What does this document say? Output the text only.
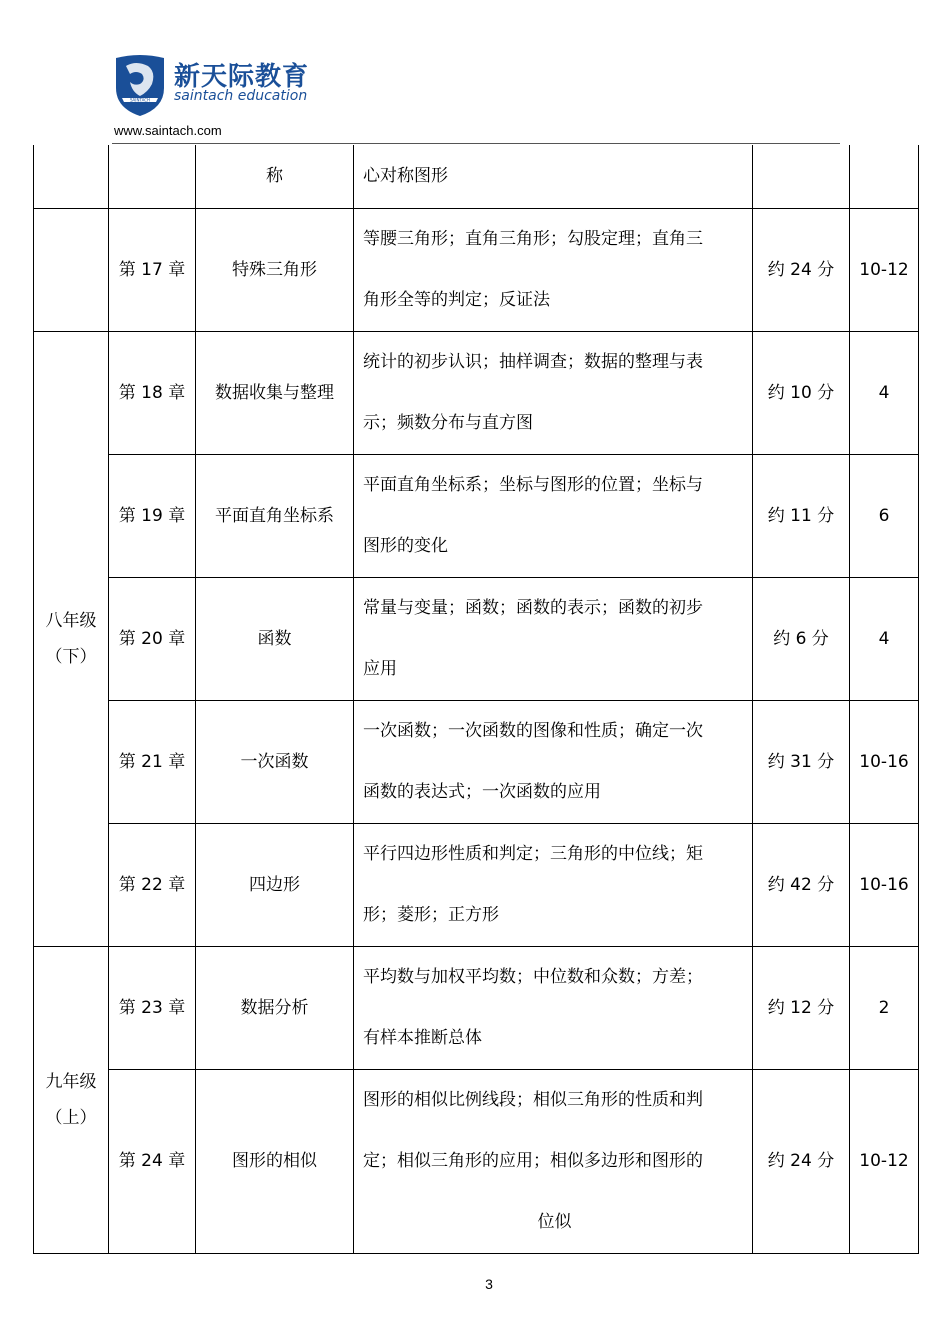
SAINTACH
新天际教育
saintach education
www.saintach.com
		称	心对称图形		

	第 17 章	特殊三角形	等腰三角形；直角三角形；勾股定理；直角三
角形全等的判定；反证法	约 24 分	10-12

八年级
（下）	第 18 章	数据收集与整理	统计的初步认识；抽样调查；数据的整理与表
示；频数分布与直方图	约 10 分	4
	第 19 章	平面直角坐标系	平面直角坐标系；坐标与图形的位置；坐标与
图形的变化	约 11 分	6
	第 20 章	函数	常量与变量；函数；函数的表示；函数的初步
应用	约 6 分	4
	第 21 章	一次函数	一次函数；一次函数的图像和性质；确定一次
函数的表达式；一次函数的应用	约 31 分	10-16
	第 22 章	四边形	平行四边形性质和判定；三角形的中位线；矩
形；菱形；正方形	约 42 分	10-16

九年级
（上）	第 23 章	数据分析	平均数与加权平均数；中位数和众数；方差；
有样本推断总体	约 12 分	2
	第 24 章	图形的相似	图形的相似比例线段；相似三角形的性质和判
定；相似三角形的应用；相似多边形和图形的
位似	约 24 分	10-12
3
